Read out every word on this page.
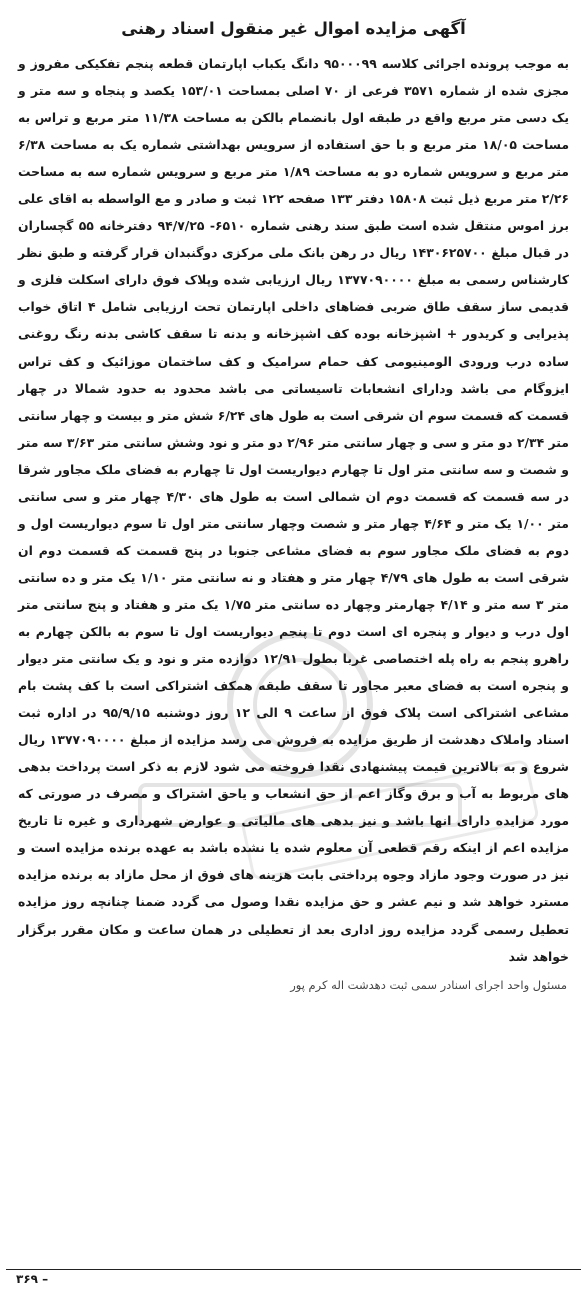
آگهی مزایده اموال غیر منقول اسناد رهنی

به موجب پرونده اجرائی کلاسه ۹۵۰۰۰۹۹ دانگ یکباب اپارتمان قطعه پنجم تفکیکی مفروز و مجزی شده از شماره ۳۵۷۱ فرعی از ۷۰ اصلی بمساحت ۱۵۳/۰۱ یکصد و پنجاه و سه متر و یک دسی متر مربع واقع در طبقه اول بانضمام بالکن به مساحت ۱۱/۳۸ متر مربع و تراس به مساحت ۱۸/۰۵ متر مربع و با حق استفاده از سرویس بهداشتی شماره یک به مساحت ۶/۳۸ متر مربع و سرویس شماره دو به مساحت ۱/۸۹ متر مربع و سرویس شماره سه به مساحت ۲/۲۶ متر مربع ذیل ثبت ۱۵۸۰۸ دفتر ۱۳۳ صفحه ۱۲۲ ثبت و صادر و مع الواسطه به اقای علی برز اموس منتقل شده است طبق سند رهنی شماره ۶۵۱۰- ۹۴/۷/۲۵ دفترخانه ۵۵ گچساران در قبال مبلغ ۱۴۳۰۶۲۵۷۰۰ ریال در رهن بانک ملی مرکزی دوگنبدان قرار گرفته و طبق نظر کارشناس رسمی به مبلغ ۱۳۷۷۰۹۰۰۰۰ ریال ارزیابی شده وپلاک فوق دارای اسکلت فلزی و قدیمی ساز سقف طاق ضربی فضاهای داخلی اپارتمان تحت ارزیابی شامل ۴ اتاق خواب پذیرایی و کریدور + اشپزخانه بوده کف اشپزخانه و بدنه تا سقف کاشی بدنه رنگ روغنی ساده درب ورودی الومینیومی کف حمام سرامیک و کف ساختمان موزائیک و کف تراس ایزوگام می باشد ودارای انشعابات تاسیساتی می باشد محدود به حدود شمالا در چهار قسمت که قسمت سوم ان شرقی است به طول های ۶/۲۴ شش متر و بیست و چهار سانتی متر ۲/۳۴ دو متر و سی و چهار سانتی متر ۲/۹۶ دو متر و نود وشش سانتی متر ۳/۶۳ سه متر و شصت و سه سانتی متر اول تا چهارم دیواریست اول تا چهارم به فضای ملک مجاور شرقا در سه قسمت که قسمت دوم ان شمالی است به طول های ۴/۳۰ چهار متر و سی سانتی متر ۱/۰۰ یک متر و ۴/۶۴ چهار متر و شصت وچهار سانتی متر اول تا سوم دیواریست اول و دوم به فضای ملک مجاور سوم به فضای مشاعی جنوبا در پنج قسمت که قسمت دوم ان شرقی است به طول های ۴/۷۹ چهار متر و هفتاد و نه سانتی متر ۱/۱۰ یک متر و ده سانتی متر ۳ سه متر و ۴/۱۴ چهارمتر وچهار ده سانتی متر ۱/۷۵ یک متر و هفتاد و پنج سانتی متر اول درب و دیوار و پنجره ای است دوم تا پنجم دیواریست اول تا سوم به بالکن چهارم به راهرو پنجم به راه پله اختصاصی غربا بطول ۱۲/۹۱ دوازده متر و نود و یک سانتی متر دیوار و پنجره است به فضای معبر مجاور تا سقف طبقه همکف اشتراکی است با کف پشت بام مشاعی اشتراکی است پلاک فوق از ساعت ۹ الی ۱۲ روز دوشنبه ۹۵/۹/۱۵ در اداره ثبت اسناد واملاک دهدشت از طریق مزایده به فروش می رسد مزایده از مبلغ ۱۳۷۷۰۹۰۰۰۰ ریال شروع و به بالاترین قیمت پیشنهادی نقدا فروخته می شود لازم به ذکر است پرداخت بدهی های مربوط به آب و برق وگاز اعم از حق انشعاب و یاحق اشتراک و مصرف در صورتی که مورد مزایده دارای انها باشد و نیز بدهی های مالیاتی و عوارض شهرداری و غیره تا تاریخ مزایده اعم از اینکه رقم قطعی آن معلوم شده یا نشده باشد به عهده برنده مزایده است و نیز در صورت وجود مازاد وجوه پرداختی بابت هزینه های فوق از محل مازاد به برنده مزایده مسترد خواهد شد و نیم عشر و حق مزایده نقدا وصول می گردد ضمنا چنانچه روز مزایده تعطیل رسمی گردد مزایده روز اداری بعد از تعطیلی در همان ساعت و مکان مقرر برگزار خواهد شد

مسئول واحد اجرای اسنادر سمی ثبت دهدشت اله کرم پور

۳۶۹ –
